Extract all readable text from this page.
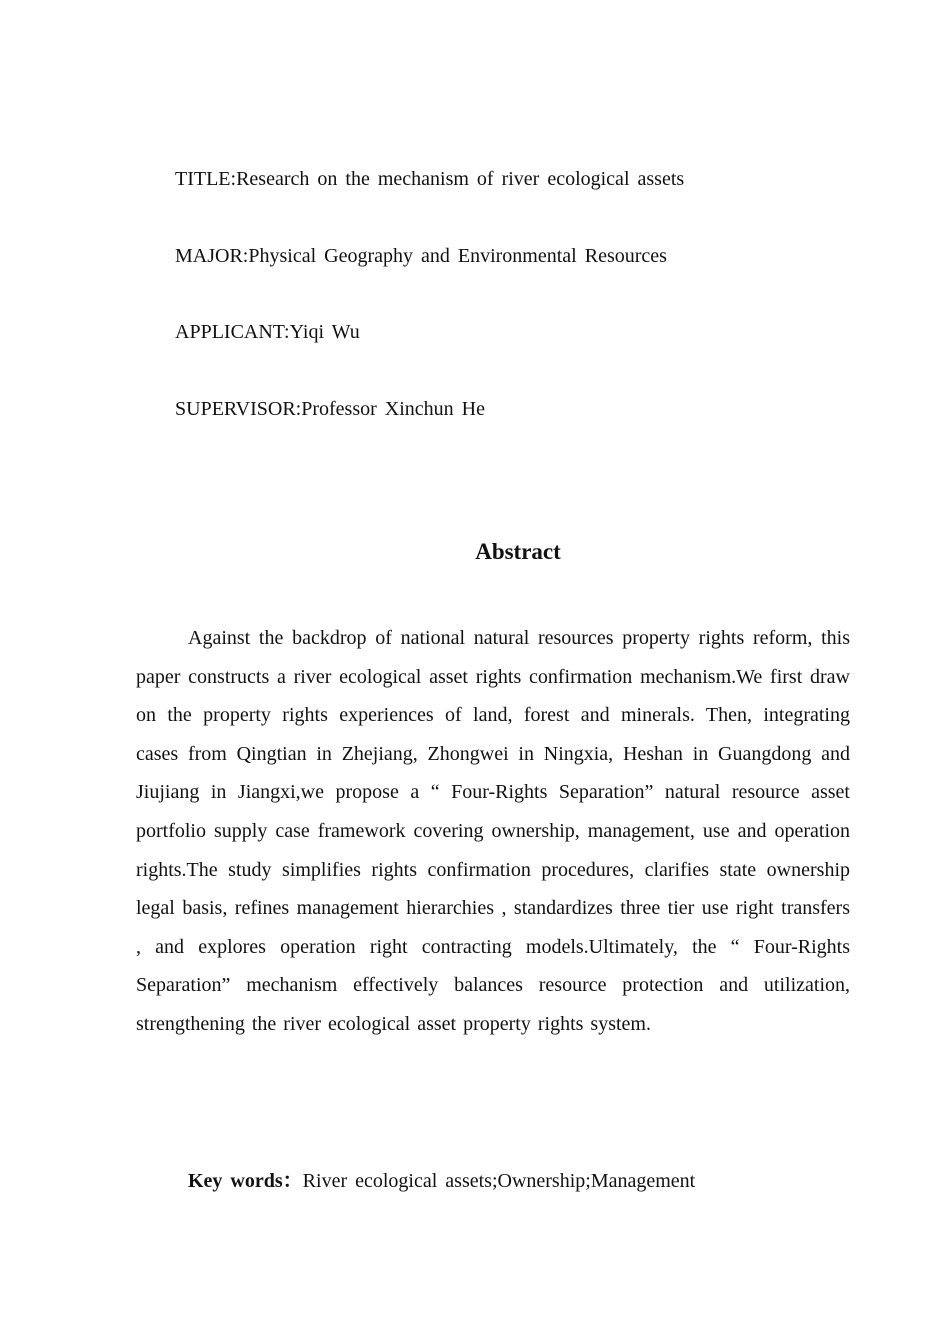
TITLE:Research on the mechanism of river ecological assets
MAJOR:Physical Geography and Environmental Resources
APPLICANT:Yiqi Wu
SUPERVISOR:Professor Xinchun He
Abstract

Against the backdrop of national natural resources property rights reform, this paper constructs a river ecological asset rights confirmation mechanism.We first draw on the property rights experiences of land, forest and minerals. Then, integrating cases from Qingtian in Zhejiang, Zhongwei in Ningxia, Heshan in Guangdong and Jiujiang in Jiangxi,we propose a “ Four-Rights Separation” natural resource asset portfolio supply case framework covering ownership, management, use and operation rights.The study simplifies rights confirmation procedures, clarifies state ownership legal basis, refines management hierarchies , standardizes three tier use right transfers , and explores operation right contracting models.Ultimately, the “ Four-Rights Separation” mechanism effectively balances resource protection and utilization, strengthening the river ecological asset property rights system.

Key words：River ecological assets;Ownership;Management
